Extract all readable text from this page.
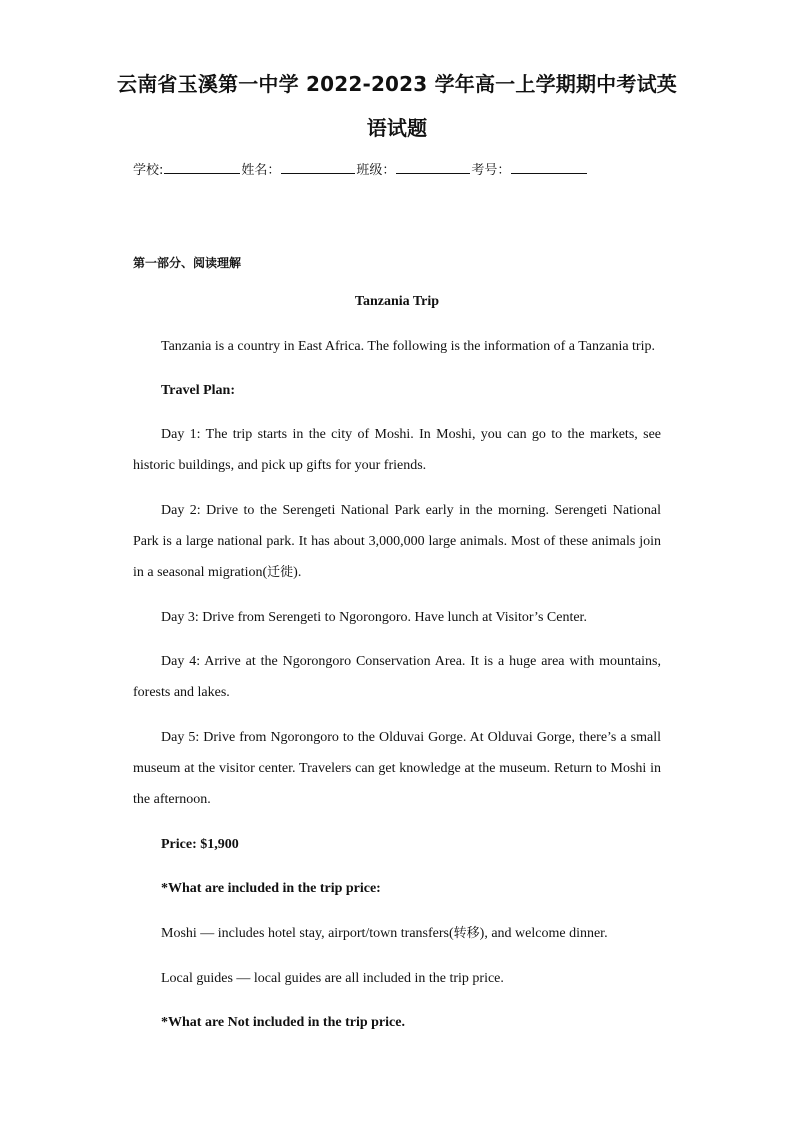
云南省玉溪第一中学 2022-2023 学年高一上学期期中考试英
语试题
学校:	姓名：	班级：	考号：
第一部分、阅读理解
Tanzania Trip

Tanzania is a country in East Africa. The following is the information of a Tanzania trip.

Travel Plan:

Day 1: The trip starts in the city of Moshi. In Moshi, you can go to the markets, see historic buildings, and pick up gifts for your friends.

Day 2: Drive to the Serengeti National Park early in the morning. Serengeti National Park is a large national park. It has about 3,000,000 large animals. Most of these animals join in a seasonal migration(迁徙).

Day 3: Drive from Serengeti to Ngorongoro. Have lunch at Visitor’s Center.

Day 4: Arrive at the Ngorongoro Conservation Area. It is a huge area with mountains, forests and lakes.

Day 5: Drive from Ngorongoro to the Olduvai Gorge. At Olduvai Gorge, there’s a small museum at the visitor center. Travelers can get knowledge at the museum. Return to Moshi in the afternoon.

Price: $1,900

*What are included in the trip price:

Moshi — includes hotel stay, airport/town transfers(转移), and welcome dinner.

Local guides — local guides are all included in the trip price.

*What are Not included in the trip price.
